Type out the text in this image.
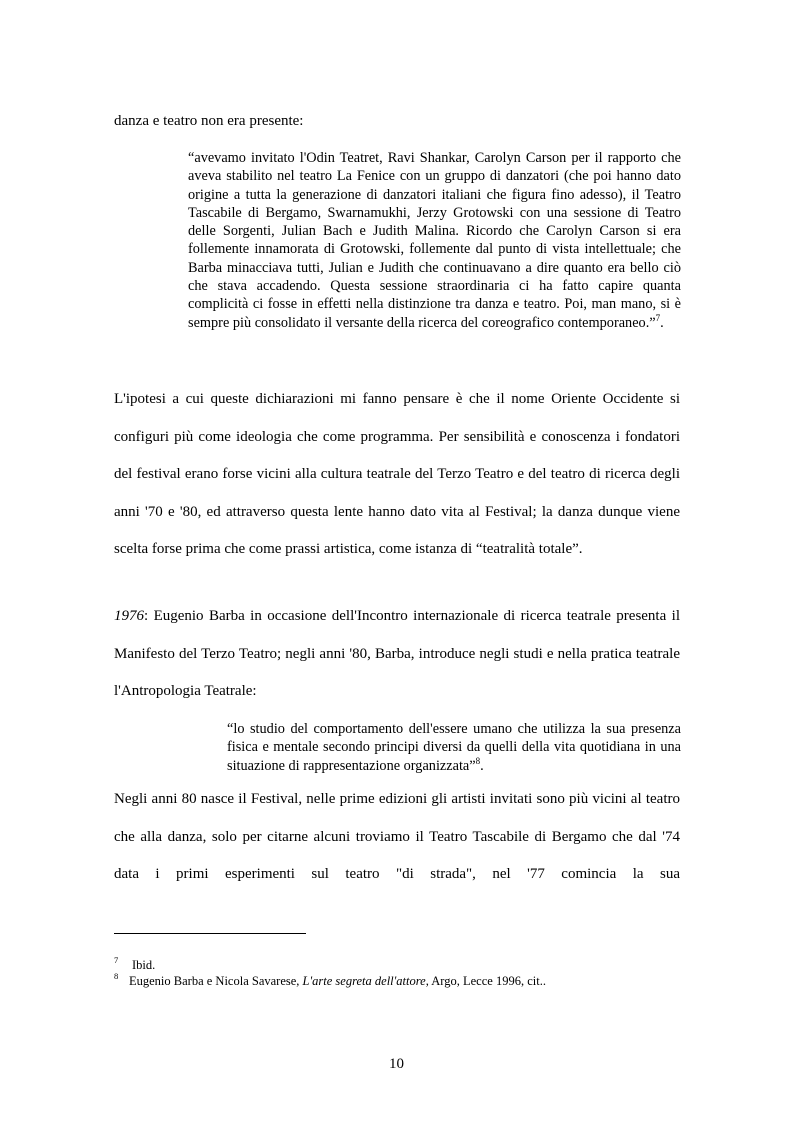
danza e teatro non era presente:

“avevamo invitato l'Odin Teatret, Ravi Shankar, Carolyn Carson per il rapporto che aveva stabilito nel teatro La Fenice con un gruppo di danzatori (che poi hanno dato origine a tutta la generazione di danzatori italiani che figura fino adesso), il Teatro Tascabile di Bergamo, Swarnamukhi, Jerzy Grotowski con una sessione di Teatro delle Sorgenti, Julian Bach e Judith Malina. Ricordo che Carolyn Carson si era follemente innamorata di Grotowski, follemente dal punto di vista intellettuale; che Barba minacciava tutti, Julian e Judith che continuavano a dire quanto era bello ciò che stava accadendo. Questa sessione straordinaria ci ha fatto capire quanta complicità ci fosse in effetti nella distinzione tra danza e teatro. Poi, man mano, si è sempre più consolidato il versante della ricerca del coreografico contemporaneo.”$^7$.

L'ipotesi a cui queste dichiarazioni mi fanno pensare è che il nome Oriente Occidente si configuri più come ideologia che come programma. Per sensibilità e conoscenza i fondatori del festival erano forse vicini alla cultura teatrale del Terzo Teatro e del teatro di ricerca degli anni '70 e '80, ed attraverso questa lente hanno dato vita al Festival; la danza dunque viene scelta forse prima che come prassi artistica, come istanza di “teatralità totale”.

1976: Eugenio Barba in occasione dell'Incontro internazionale di ricerca teatrale presenta il Manifesto del Terzo Teatro; negli anni '80, Barba, introduce negli studi e nella pratica teatrale l'Antropologia Teatrale:

“lo studio del comportamento dell'essere umano che utilizza la sua presenza fisica e mentale secondo principi diversi da quelli della vita quotidiana in una situazione di rappresentazione organizzata”$^8$.

Negli anni 80 nasce il Festival, nelle prime edizioni gli artisti invitati sono più vicini al teatro che alla danza, solo per citarne alcuni troviamo il Teatro Tascabile di Bergamo che dal '74 data i primi esperimenti sul teatro "di strada", nel '77 comincia la sua

7 Ibid.
8 Eugenio Barba e Nicola Savarese, L'arte segreta dell'attore, Argo, Lecce 1996, cit..

10
